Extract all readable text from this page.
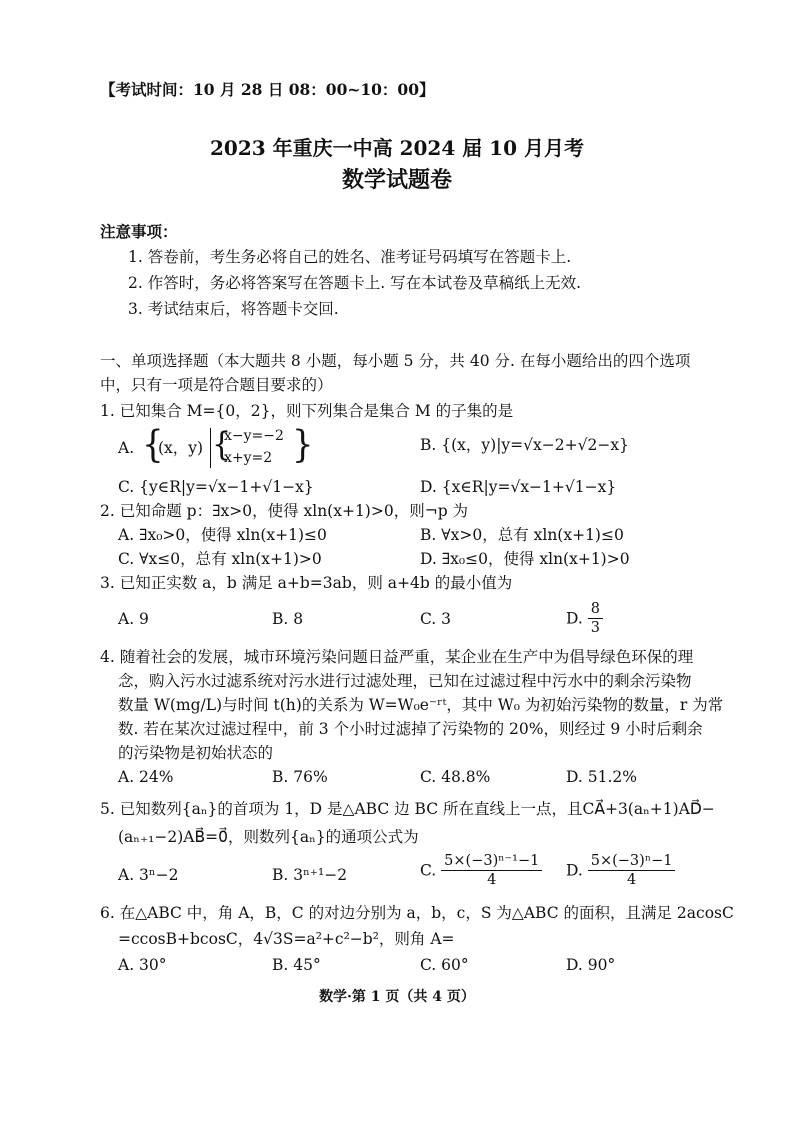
【考试时间：10 月 28 日 08：00~10：00】
2023 年重庆一中高 2024 届 10 月月考
数学试题卷
注意事项：
1. 答卷前，考生务必将自己的姓名、准考证号码填写在答题卡上.
2. 作答时，务必将答案写在答题卡上. 写在本试卷及草稿纸上无效.
3. 考试结束后，将答题卡交回.
一、单项选择题（本大题共 8 小题，每小题 5 分，共 40 分. 在每小题给出的四个选项
中，只有一项是符合题目要求的）
1. 已知集合 M={0，2}，则下列集合是集合 M 的子集的是
A. {
(x，y) {
x−y=−2
x+y=2 }	B. {(x，y)|y=√x−2+√2−x}
C. {y∈R|y=√x−1+√1−x}	D. {x∈R|y=√x−1+√1−x}
2. 已知命题 p：∃x>0，使得 xln(x+1)>0，则¬p 为
A. ∃x₀>0，使得 xln(x+1)≤0	B. ∀x>0，总有 xln(x+1)≤0
C. ∀x≤0，总有 xln(x+1)>0	D. ∃x₀≤0，使得 xln(x+1)>0
3. 已知正实数 a，b 满足 a+b=3ab，则 a+4b 的最小值为
A. 9	B. 8	C. 3	D. $\frac{8}{3}$
4. 随着社会的发展，城市环境污染问题日益严重，某企业在生产中为倡导绿色环保的理
念，购入污水过滤系统对污水进行过滤处理，已知在过滤过程中污水中的剩余污染物
数量 W(mg/L)与时间 t(h)的关系为 W=W₀e⁻ʳᵗ，其中 W₀ 为初始污染物的数量，r 为常
数. 若在某次过滤过程中，前 3 个小时过滤掉了污染物的 20%，则经过 9 小时后剩余
的污染物是初始状态的
A. 24%	B. 76%	C. 48.8%	D. 51.2%
5. 已知数列{aₙ}的首项为 1，D 是△ABC 边 BC 所在直线上一点，且CA⃗+3(aₙ+1)AD⃗−
(aₙ₊₁−2)AB⃗=0⃗，则数列{aₙ}的通项公式为
A. 3ⁿ−2	B. 3ⁿ⁺¹−2	C. $\frac{\text{5×(−3)ⁿ⁻¹−1}}{4} D$. $\frac{\text{5×(−3)ⁿ−1}}{4}$
6. 在△ABC 中，角 A，B，C 的对边分别为 a，b，c，S 为△ABC 的面积，且满足 2acosC
=ccosB+bcosC，4√3S=a²+c²−b²，则角 A=
A. 30°	B. 45°	C. 60°	D. 90°
数学·第 1 页（共 4 页）
